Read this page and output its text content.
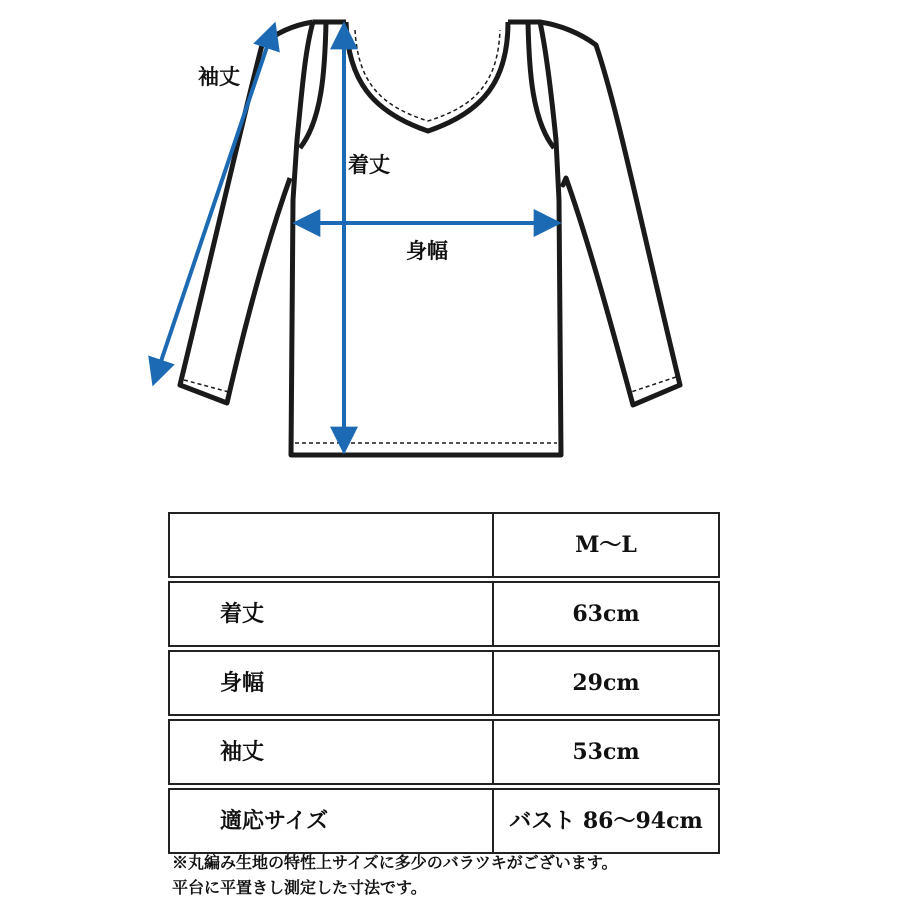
袖丈
着丈
身幅
	M〜L

着丈	63cm

身幅	29cm

袖丈	53cm

適応サイズ	バスト 86〜94cm
※丸編み生地の特性上サイズに多少のバラツキがございます。
平台に平置きし測定した寸法です。
